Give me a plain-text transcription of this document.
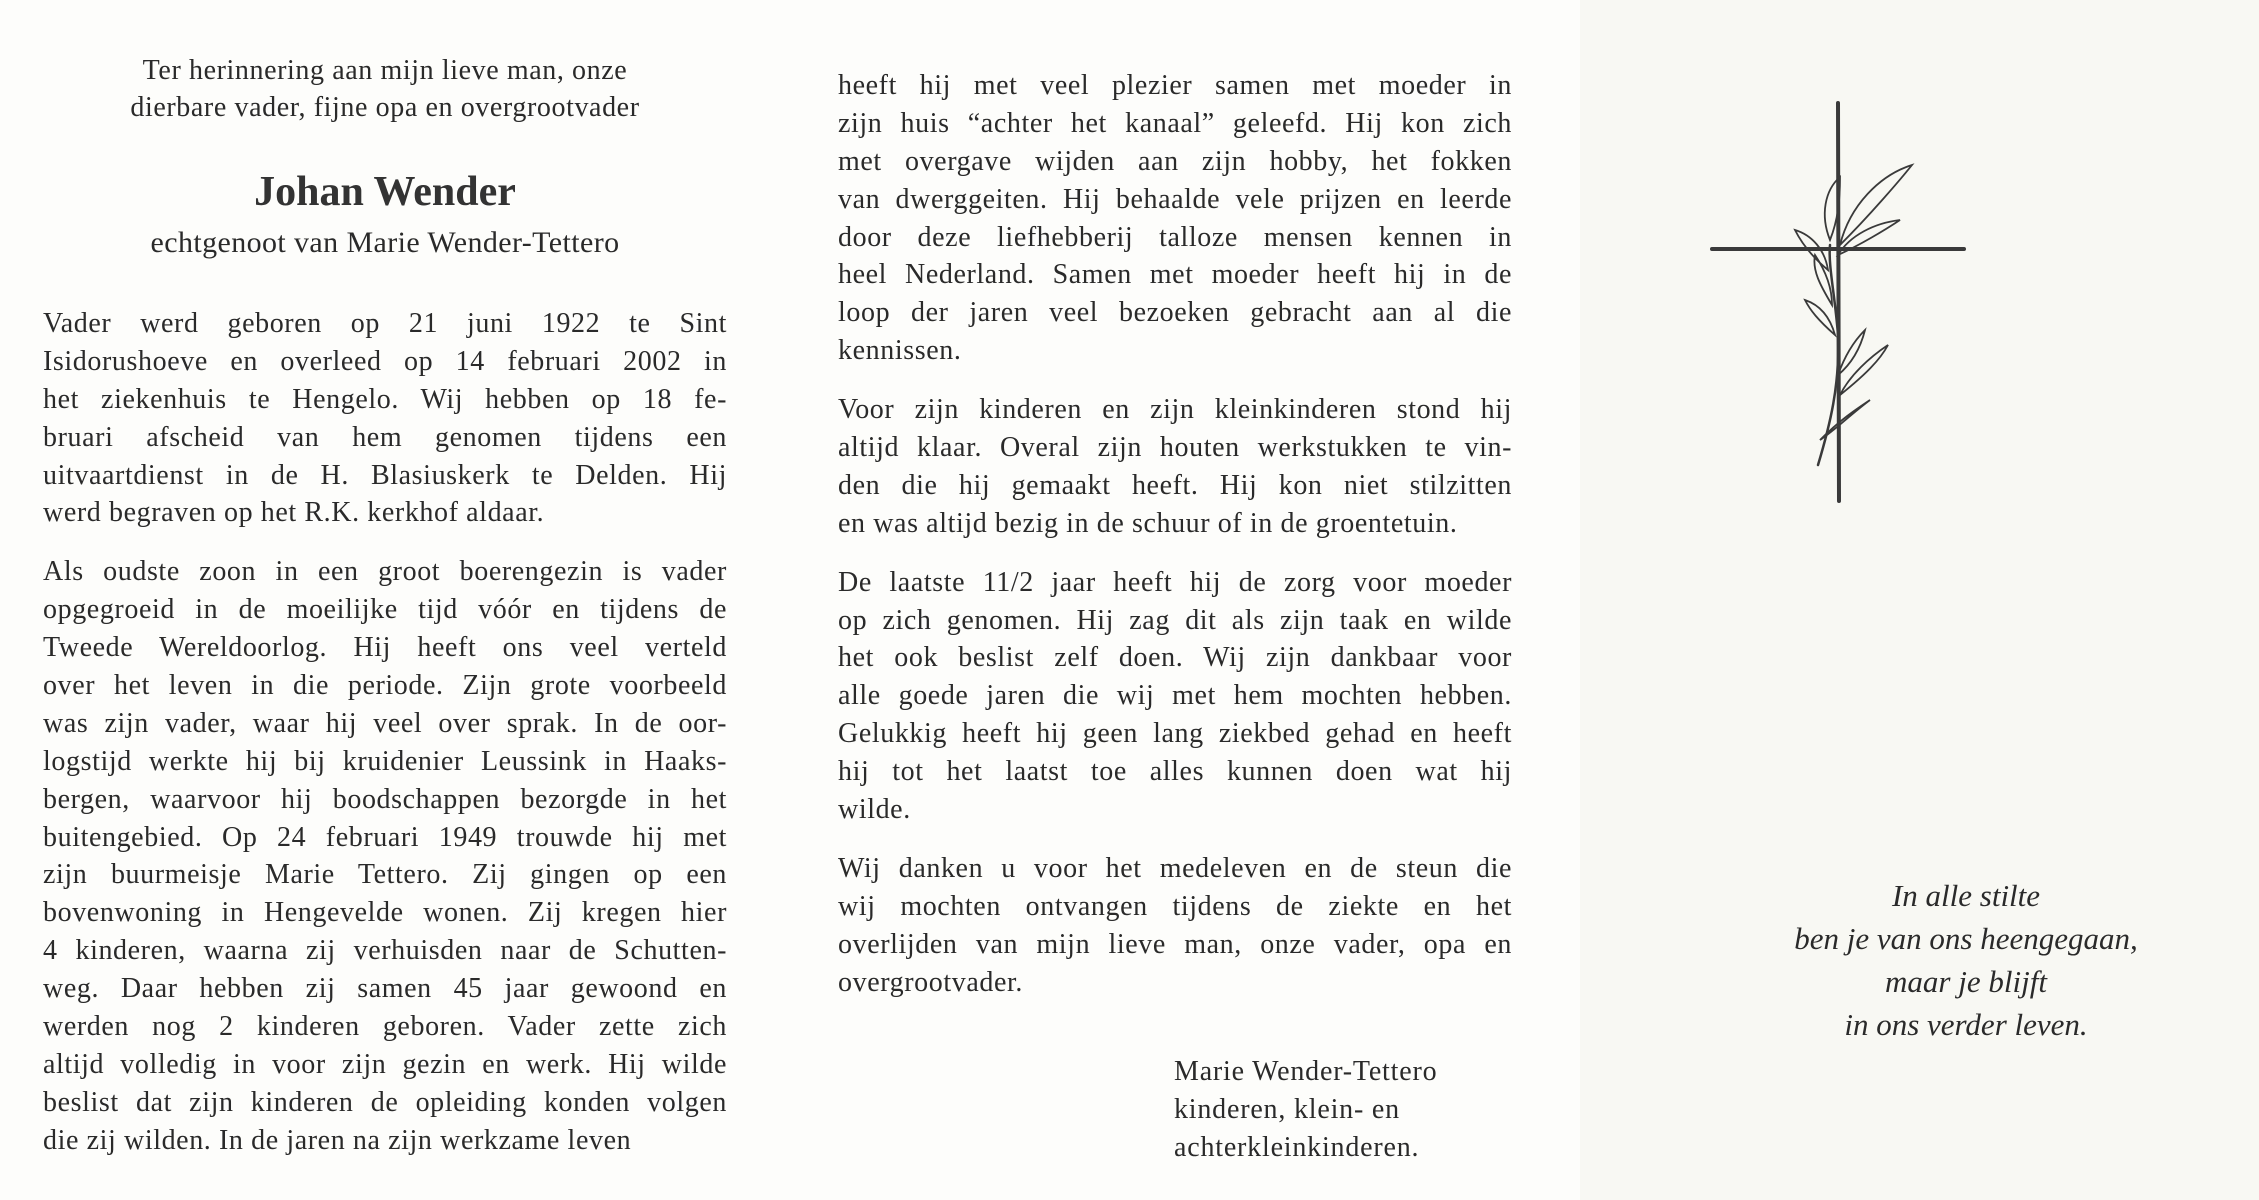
Ter herinnering aan mijn lieve man, onze
dierbare vader, fijne opa en overgrootvader
Johan Wender
echtgenoot van Marie Wender-Tettero
Vader werd geboren op 21 juni 1922 te Sint
Isidorushoeve en overleed op 14 februari 2002 in
het ziekenhuis te Hengelo. Wij hebben op 18 fe-
bruari afscheid van hem genomen tijdens een
uitvaartdienst in de H. Blasiuskerk te Delden. Hij
werd begraven op het R.K. kerkhof aldaar.
Als oudste zoon in een groot boerengezin is vader
opgegroeid in de moeilijke tijd vóór en tijdens de
Tweede Wereldoorlog. Hij heeft ons veel verteld
over het leven in die periode. Zijn grote voorbeeld
was zijn vader, waar hij veel over sprak. In de oor-
logstijd werkte hij bij kruidenier Leussink in Haaks-
bergen, waarvoor hij boodschappen bezorgde in het
buitengebied. Op 24 februari 1949 trouwde hij met
zijn buurmeisje Marie Tettero. Zij gingen op een
bovenwoning in Hengevelde wonen. Zij kregen hier
4 kinderen, waarna zij verhuisden naar de Schutten-
weg. Daar hebben zij samen 45 jaar gewoond en
werden nog 2 kinderen geboren. Vader zette zich
altijd volledig in voor zijn gezin en werk. Hij wilde
beslist dat zijn kinderen de opleiding konden volgen
die zij wilden. In de jaren na zijn werkzame leven
heeft hij met veel plezier samen met moeder in
zijn huis “achter het kanaal” geleefd. Hij kon zich
met overgave wijden aan zijn hobby, het fokken
van dwerggeiten. Hij behaalde vele prijzen en leerde
door deze liefhebberij talloze mensen kennen in
heel Nederland. Samen met moeder heeft hij in de
loop der jaren veel bezoeken gebracht aan al die
kennissen.
Voor zijn kinderen en zijn kleinkinderen stond hij
altijd klaar. Overal zijn houten werkstukken te vin-
den die hij gemaakt heeft. Hij kon niet stilzitten
en was altijd bezig in de schuur of in de groentetuin.
De laatste 11/2 jaar heeft hij de zorg voor moeder
op zich genomen. Hij zag dit als zijn taak en wilde
het ook beslist zelf doen. Wij zijn dankbaar voor
alle goede jaren die wij met hem mochten hebben.
Gelukkig heeft hij geen lang ziekbed gehad en heeft
hij tot het laatst toe alles kunnen doen wat hij
wilde.
Wij danken u voor het medeleven en de steun die
wij mochten ontvangen tijdens de ziekte en het
overlijden van mijn lieve man, onze vader, opa en
overgrootvader.
Marie Wender-Tettero
kinderen, klein- en
achterkleinkinderen.
In alle stilte
ben je van ons heengegaan,
maar je blijft
in ons verder leven.
